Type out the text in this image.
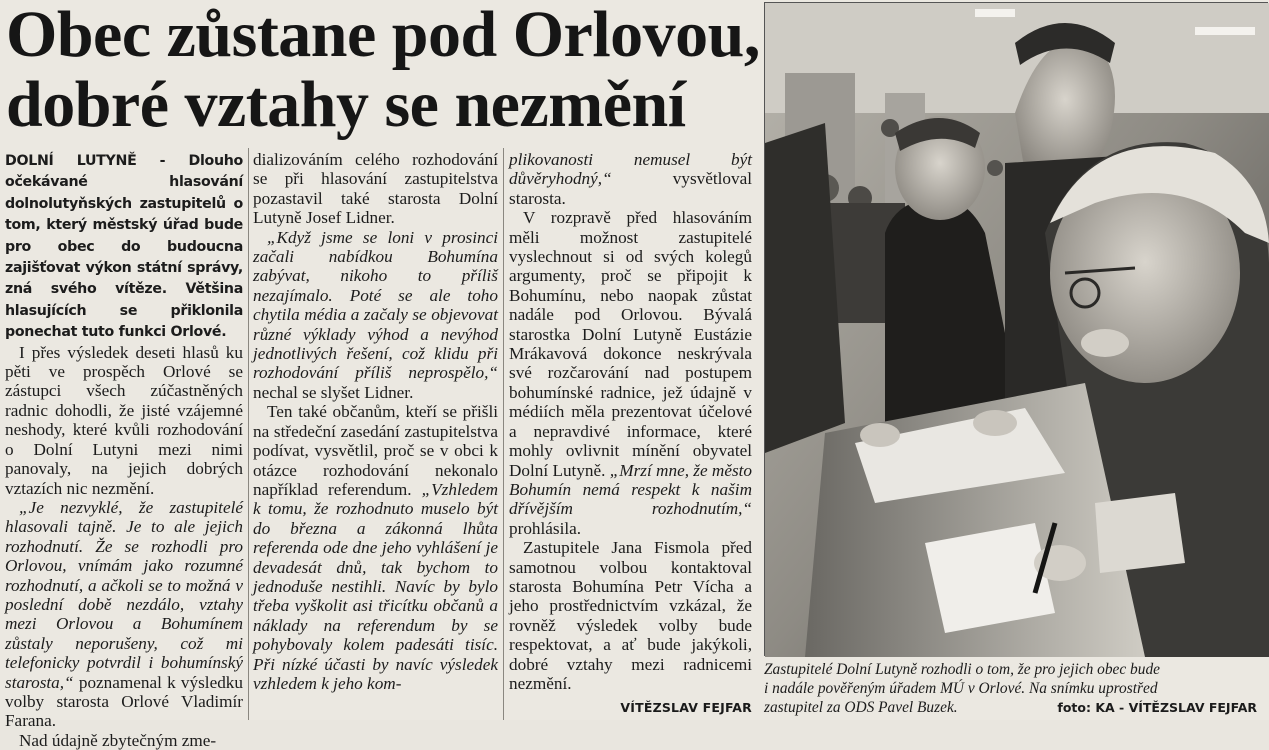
Obec zůstane pod Orlovou,
dobré vztahy se nezmění

DOLNÍ LUTYNĚ - Dlouho očekávané hlasování dolnolutyňských zastupitelů o tom, který městský úřad bude pro obec do budoucna zajišťovat výkon státní správy, zná svého vítěze. Většina hlasujících se přiklonila ponechat tuto funkci Orlové.

I přes výsledek deseti hlasů ku pěti ve prospěch Orlové se zástupci všech zúčastněných radnic dohodli, že jisté vzájemné neshody, které kvůli rozhodování o Dolní Lutyni mezi nimi panovaly, na jejich dobrých vztazích nic nezmění.

„Je nezvyklé, že zastupitelé hlasovali tajně. Je to ale jejich rozhodnutí. Že se rozhodli pro Orlovou, vnímám jako rozumné rozhodnutí, a ačkoli se to možná v poslední době nezdálo, vztahy mezi Orlovou a Bohumínem zůstaly neporušeny, což mi telefonicky potvrdil i bohumínský starosta,“ poznamenal k výsledku volby starosta Orlové Vladimír Farana.

Nad údajně zbytečným zme-

dializováním celého rozhodování se při hlasování zastupitelstva pozastavil také starosta Dolní Lutyně Josef Lidner.

„Když jsme se loni v prosinci začali nabídkou Bohumína zabývat, nikoho to příliš nezajímalo. Poté se ale toho chytila média a začaly se objevovat různé výklady výhod a nevýhod jednotlivých řešení, což klidu při rozhodování příliš neprospělo,“ nechal se slyšet Lidner.

Ten také občanům, kteří se přišli na středeční zasedání zastupitelstva podívat, vysvětlil, proč se v obci k otázce rozhodování nekonalo například referendum. „Vzhledem k tomu, že rozhodnuto muselo být do března a zákonná lhůta referenda ode dne jeho vyhlášení je devadesát dnů, tak bychom to jednoduše nestihli. Navíc by bylo třeba vyškolit asi třicítku občanů a náklady na referendum by se pohybovaly kolem padesáti tisíc. Při nízké účasti by navíc výsledek vzhledem k jeho kom-

plikovanosti nemusel být důvěryhodný,“ vysvětloval starosta.

V rozpravě před hlasováním měli možnost zastupitelé vyslechnout si od svých kolegů argumenty, proč se připojit k Bohumínu, nebo naopak zůstat nadále pod Orlovou. Bývalá starostka Dolní Lutyně Eustázie Mrákavová dokonce neskrývala své rozčarování nad postupem bohumínské radnice, jež údajně v médiích měla prezentovat účelové a nepravdivé informace, které mohly ovlivnit mínění obyvatel Dolní Lutyně. „Mrzí mne, že město Bohumín nemá respekt k našim dřívějším rozhodnutím,“ prohlásila.

Zastupitele Jana Fismola před samotnou volbou kontaktoval starosta Bohumína Petr Vícha a jeho prostřednictvím vzkázal, že rovněž výsledek volby bude respektovat, a ať bude jakýkoli, dobré vztahy mezi radnicemi nezmění.

VÍTĚZSLAV FEJFAR
Zastupitelé Dolní Lutyně rozhodli o tom, že pro jejich obec bude
i nadále pověřeným úřadem MÚ v Orlové. Na snímku uprostřed
zastupitel za ODS Pavel Buzek.	foto: KA - VÍTĚZSLAV FEJFAR
